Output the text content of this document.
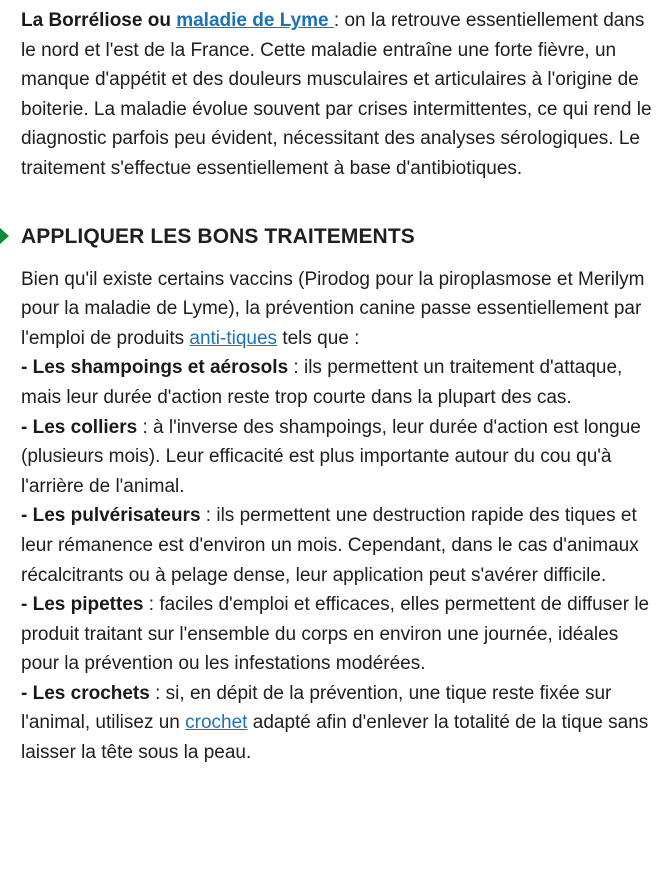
La Borréliose ou maladie de Lyme : on la retrouve essentiellement dans le nord et l'est de la France. Cette maladie entraîne une forte fièvre, un manque d'appétit et des douleurs musculaires et articulaires à l'origine de boiterie. La maladie évolue souvent par crises intermittentes, ce qui rend le diagnostic parfois peu évident, nécessitant des analyses sérologiques. Le traitement s'effectue essentiellement à base d'antibiotiques.

APPLIQUER LES BONS TRAITEMENTS

Bien qu'il existe certains vaccins (Pirodog pour la piroplasmose et Merilym pour la maladie de Lyme), la prévention canine passe essentiellement par l'emploi de produits anti-tiques tels que :

- Les shampoings et aérosols : ils permettent un traitement d'attaque, mais leur durée d'action reste trop courte dans la plupart des cas.

- Les colliers : à l'inverse des shampoings, leur durée d'action est longue (plusieurs mois). Leur efficacité est plus importante autour du cou qu'à l'arrière de l'animal.

- Les pulvérisateurs : ils permettent une destruction rapide des tiques et leur rémanence est d'environ un mois. Cependant, dans le cas d'animaux récalcitrants ou à pelage dense, leur application peut s'avérer difficile.

- Les pipettes : faciles d'emploi et efficaces, elles permettent de diffuser le produit traitant sur l'ensemble du corps en environ une journée, idéales pour la prévention ou les infestations modérées.

- Les crochets : si, en dépit de la prévention, une tique reste fixée sur l'animal, utilisez un crochet adapté afin d'enlever la totalité de la tique sans laisser la tête sous la peau.
